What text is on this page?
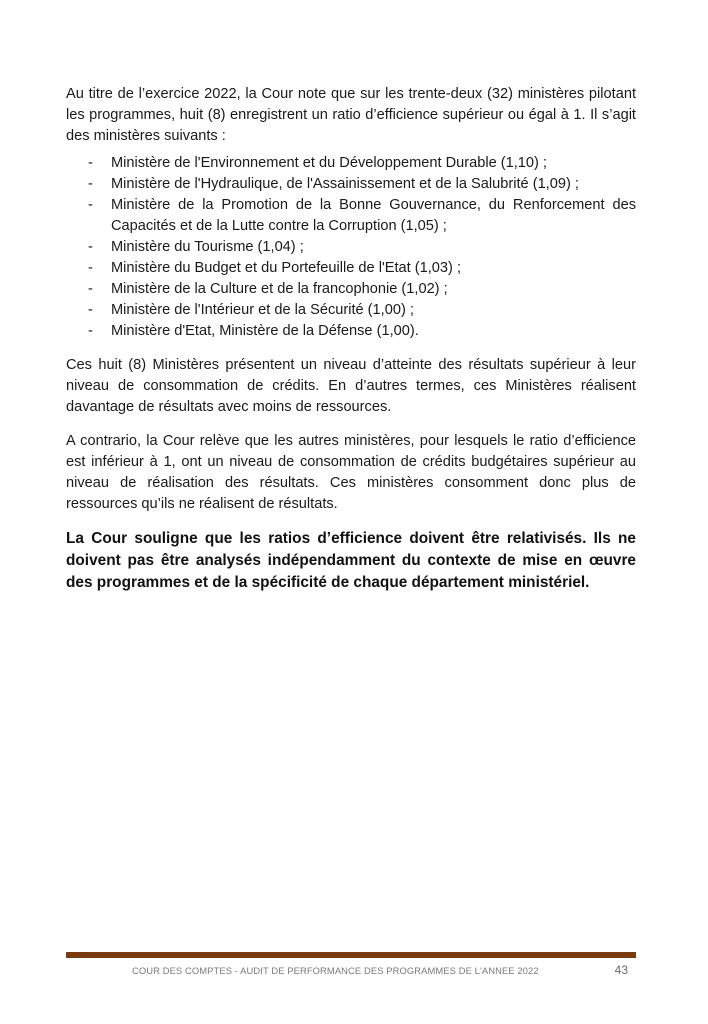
Au titre de l’exercice 2022, la Cour note que sur les trente-deux (32) ministères pilotant les programmes, huit (8) enregistrent un ratio d’efficience supérieur ou égal à 1. Il s’agit des ministères suivants :

- Ministère de l'Environnement et du Développement Durable (1,10) ;
- Ministère de l'Hydraulique, de l'Assainissement et de la Salubrité (1,09) ;
- Ministère de la Promotion de la Bonne Gouvernance, du Renforcement des Capacités et de la Lutte contre la Corruption (1,05) ;
- Ministère du Tourisme (1,04) ;
- Ministère du Budget et du Portefeuille de l'Etat (1,03) ;
- Ministère de la Culture et de la francophonie (1,02) ;
- Ministère de l'Intérieur et de la Sécurité (1,00) ;
- Ministère d'Etat, Ministère de la Défense (1,00).

Ces huit (8) Ministères présentent un niveau d’atteinte des résultats supérieur à leur niveau de consommation de crédits. En d’autres termes, ces Ministères réalisent davantage de résultats avec moins de ressources.

A contrario, la Cour relève que les autres ministères, pour lesquels le ratio d’efficience est inférieur à 1, ont un niveau de consommation de crédits budgétaires supérieur au niveau de réalisation des résultats. Ces ministères consomment donc plus de ressources qu’ils ne réalisent de résultats.

La Cour souligne que les ratios d’efficience doivent être relativisés. Ils ne doivent pas être analysés indépendamment du contexte de mise en œuvre des programmes et de la spécificité de chaque département ministériel.

COUR DES COMPTES - AUDIT DE PERFORMANCE DES PROGRAMMES DE L'ANNEE 2022	43
